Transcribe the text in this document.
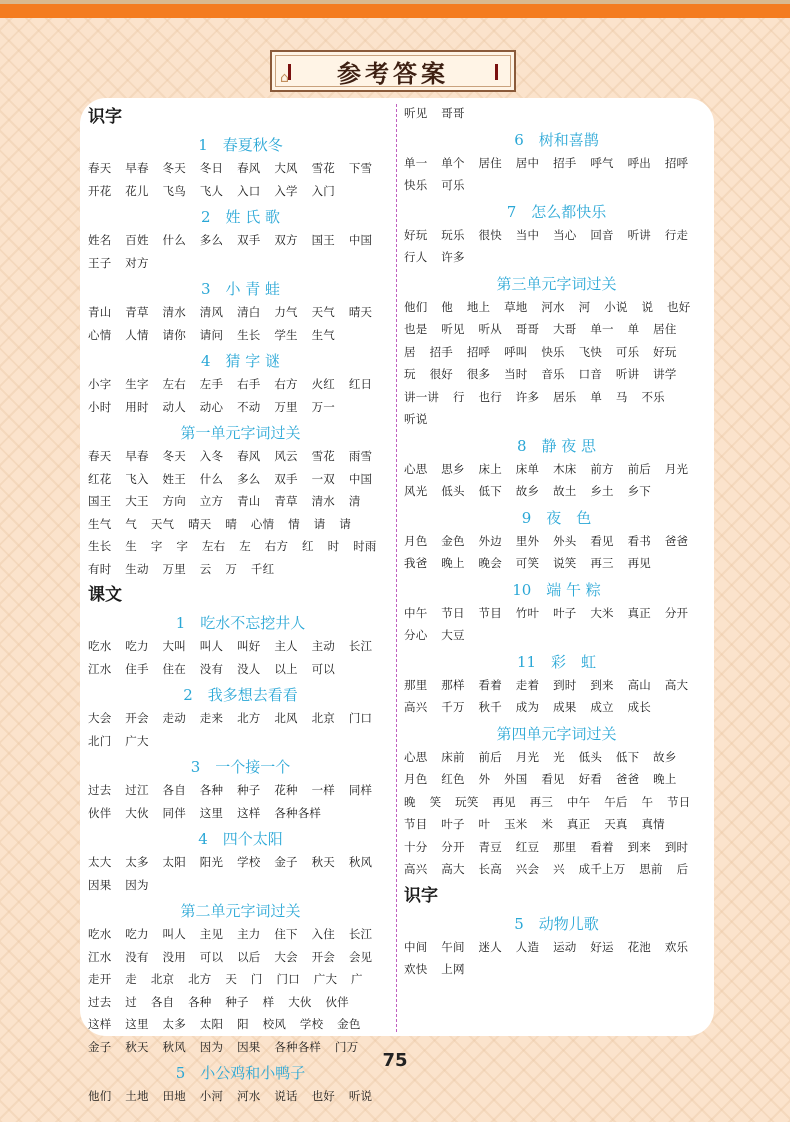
⌂ 参考答案
识字
1　春夏秋冬
春天 早春 冬天 冬日 春风 大风 雪花 下雪 开花 花儿 飞鸟 飞人 入口 入学 入门
2　姓 氏 歌
姓名 百姓 什么 多么 双手 双方 国王 中国 王子 对方
3　小 青 蛙
青山 青草 清水 清风 清白 力气 天气 晴天 心情 人情 请你 请问 生长 学生 生气
4　猜 字 谜
小字 生字 左右 左手 右手 右方 火红 红日 小时 用时 动人 动心 不动 万里 万一
第一单元字词过关
春天 早春 冬天 入冬 春风 风云 雪花 雨雪 红花 飞入 姓王 什么 多么 双手 一双 中国 国王 大王 方向 立方 青山 青草 清水 清 生气 气 天气 晴天 晴 心情 情 请 请 生长 生 字 字 左右 左 右方 红 时 时雨 有时 生动 万里 云 万 千红
课文
1　吃水不忘挖井人
吃水 吃力 大叫 叫人 叫好 主人 主动 长江 江水 住手 住在 没有 没人 以上 可以
2　我多想去看看
大会 开会 走动 走来 北方 北风 北京 门口 北门 广大
3　一个接一个
过去 过江 各自 各种 种子 花种 一样 同样 伙伴 大伙 同伴 这里 这样 各种各样
4　四个太阳
太大 太多 太阳 阳光 学校 金子 秋天 秋风 因果 因为
第二单元字词过关
吃水 吃力 叫人 主见 主力 住下 入住 长江 江水 没有 没用 可以 以后 大会 开会 会见 走开 走 北京 北方 天 门 门口 广大 广 过去 过 各自 各种 种子 样 大伙 伙伴 这样 这里 太多 太阳 阳 校风 学校 金色 金子 秋天 秋风 因为 因果 各种各样 门万
5　小公鸡和小鸭子
他们 土地 田地 小河 河水 说话 也好 听说
听见 哥哥
6　树和喜鹊
单一 单个 居住 居中 招手 呼气 呼出 招呼 快乐 可乐
7　怎么都快乐
好玩 玩乐 很快 当中 当心 回音 听讲 行走 行人 许多
第三单元字词过关
他们 他 地上 草地 河水 河 小说 说 也好 也是 听见 听从 哥哥 大哥 单一 单 居住 居 招手 招呼 呼叫 快乐 飞快 可乐 好玩 玩 很好 很多 当时 音乐 口音 听讲 讲学 讲一讲 行 也行 许多 居乐 单 马 不乐 听说
8　静 夜 思
心思 思乡 床上 床单 木床 前方 前后 月光 风光 低头 低下 故乡 故土 乡土 乡下
9　夜　色
月色 金色 外边 里外 外头 看见 看书 爸爸 我爸 晚上 晚会 可笑 说笑 再三 再见
10　端 午 粽
中午 节日 节目 竹叶 叶子 大米 真正 分开 分心 大豆
11　彩　虹
那里 那样 看着 走着 到时 到来 高山 高大 高兴 千万 秋千 成为 成果 成立 成长
第四单元字词过关
心思 床前 前后 月光 光 低头 低下 故乡 月色 红色 外 外国 看见 好看 爸爸 晚上 晚 笑 玩笑 再见 再三 中午 午后 午 节日 节目 叶子 叶 玉米 米 真正 天真 真情 十分 分开 青豆 红豆 那里 看着 到来 到时 高兴 高大 长高 兴会 兴 成千上万 思前 后
识字
5　动物儿歌
中间 午间 迷人 人造 运动 好运 花池 欢乐 欢快 上网
75
